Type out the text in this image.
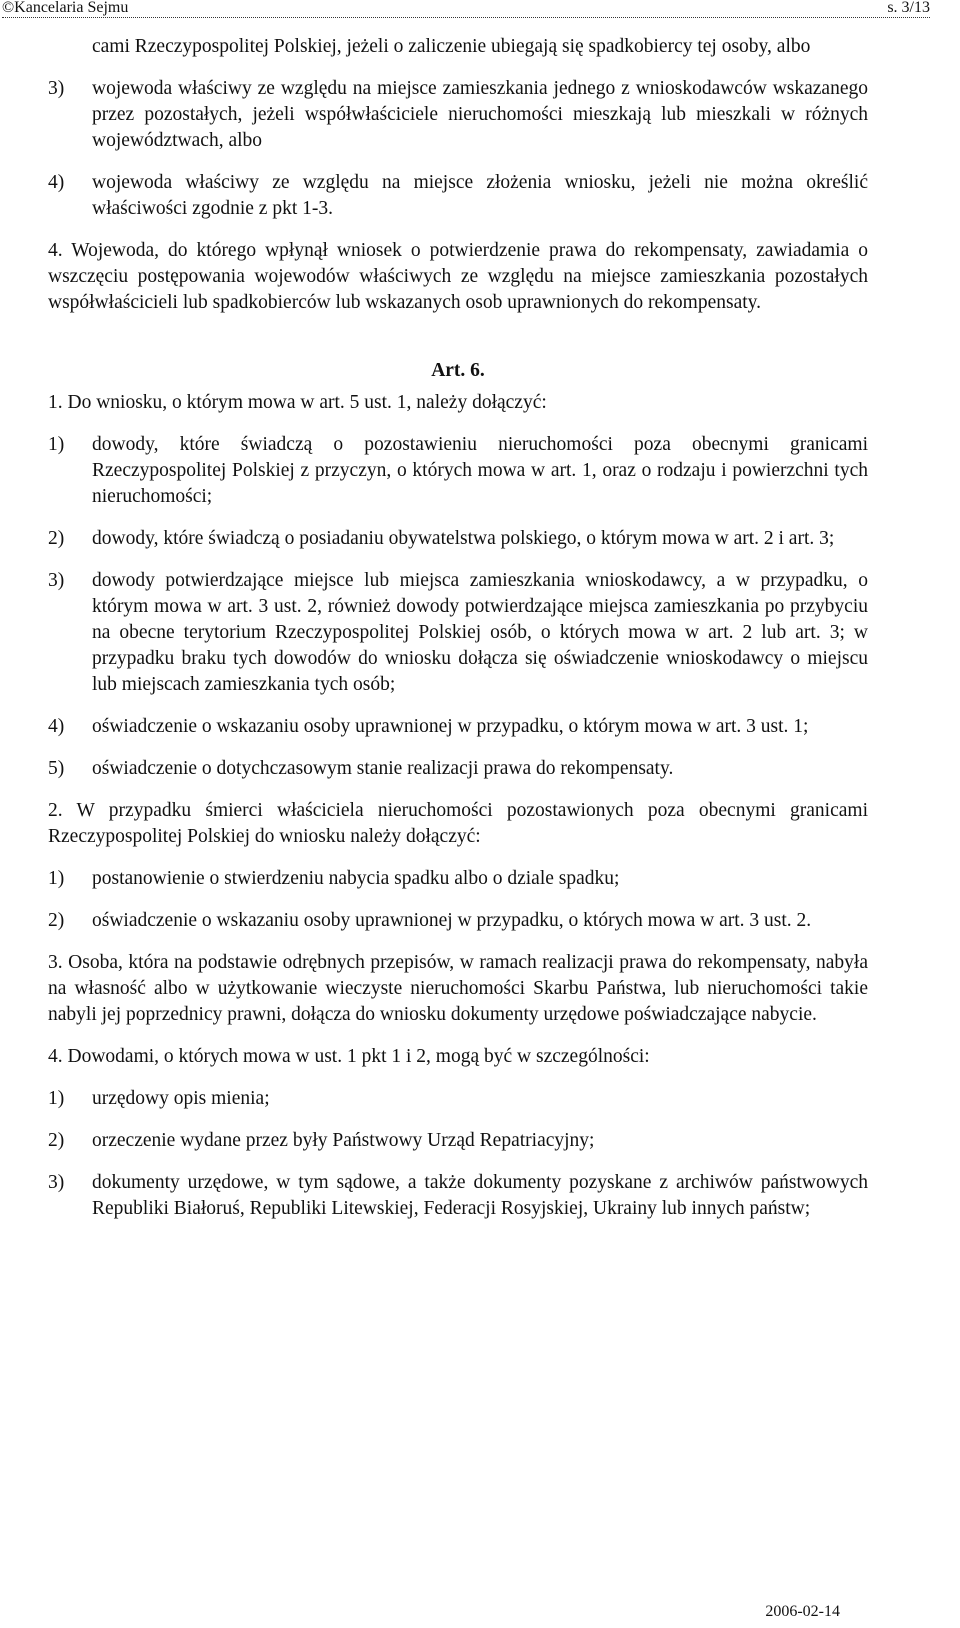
©Kancelaria Sejmu	s. 3/13

cami Rzeczypospolitej Polskiej, jeżeli o zaliczenie ubiegają się spadkobiercy tej osoby, albo

3) wojewoda właściwy ze względu na miejsce zamieszkania jednego z wnioskodawców wskazanego przez pozostałych, jeżeli współwłaściciele nieruchomości mieszkają lub mieszkali w różnych województwach, albo

4) wojewoda właściwy ze względu na miejsce złożenia wniosku, jeżeli nie można określić właściwości zgodnie z pkt 1-3.

4. Wojewoda, do którego wpłynął wniosek o potwierdzenie prawa do rekompensaty, zawiadamia o wszczęciu postępowania wojewodów właściwych ze względu na miejsce zamieszkania pozostałych współwłaścicieli lub spadkobierców lub wskazanych osob uprawnionych do rekompensaty.

Art. 6.

1. Do wniosku, o którym mowa w art. 5 ust. 1, należy dołączyć:

1) dowody, które świadczą o pozostawieniu nieruchomości poza obecnymi granicami Rzeczypospolitej Polskiej z przyczyn, o których mowa w art. 1, oraz o rodzaju i powierzchni tych nieruchomości;

2) dowody, które świadczą o posiadaniu obywatelstwa polskiego, o którym mowa w art. 2 i art. 3;

3) dowody potwierdzające miejsce lub miejsca zamieszkania wnioskodawcy, a w przypadku, o którym mowa w art. 3 ust. 2, również dowody potwierdzające miejsca zamieszkania po przybyciu na obecne terytorium Rzeczypospolitej Polskiej osób, o których mowa w art. 2 lub art. 3; w przypadku braku tych dowodów do wniosku dołącza się oświadczenie wnioskodawcy o miejscu lub miejscach zamieszkania tych osób;

4) oświadczenie o wskazaniu osoby uprawnionej w przypadku, o którym mowa w art. 3 ust. 1;

5) oświadczenie o dotychczasowym stanie realizacji prawa do rekompensaty.

2. W przypadku śmierci właściciela nieruchomości pozostawionych poza obecnymi granicami Rzeczypospolitej Polskiej do wniosku należy dołączyć:

1) postanowienie o stwierdzeniu nabycia spadku albo o dziale spadku;

2) oświadczenie o wskazaniu osoby uprawnionej w przypadku, o których mowa w art. 3 ust. 2.

3. Osoba, która na podstawie odrębnych przepisów, w ramach realizacji prawa do rekompensaty, nabyła na własność albo w użytkowanie wieczyste nieruchomości Skarbu Państwa, lub nieruchomości takie nabyli jej poprzednicy prawni, dołącza do wniosku dokumenty urzędowe poświadczające nabycie.

4. Dowodami, o których mowa w ust. 1 pkt 1 i 2, mogą być w szczególności:

1) urzędowy opis mienia;

2) orzeczenie wydane przez były Państwowy Urząd Repatriacyjny;

3) dokumenty urzędowe, w tym sądowe, a także dokumenty pozyskane z archiwów państwowych Republiki Białoruś, Republiki Litewskiej, Federacji Rosyjskiej, Ukrainy lub innych państw;

2006-02-14
